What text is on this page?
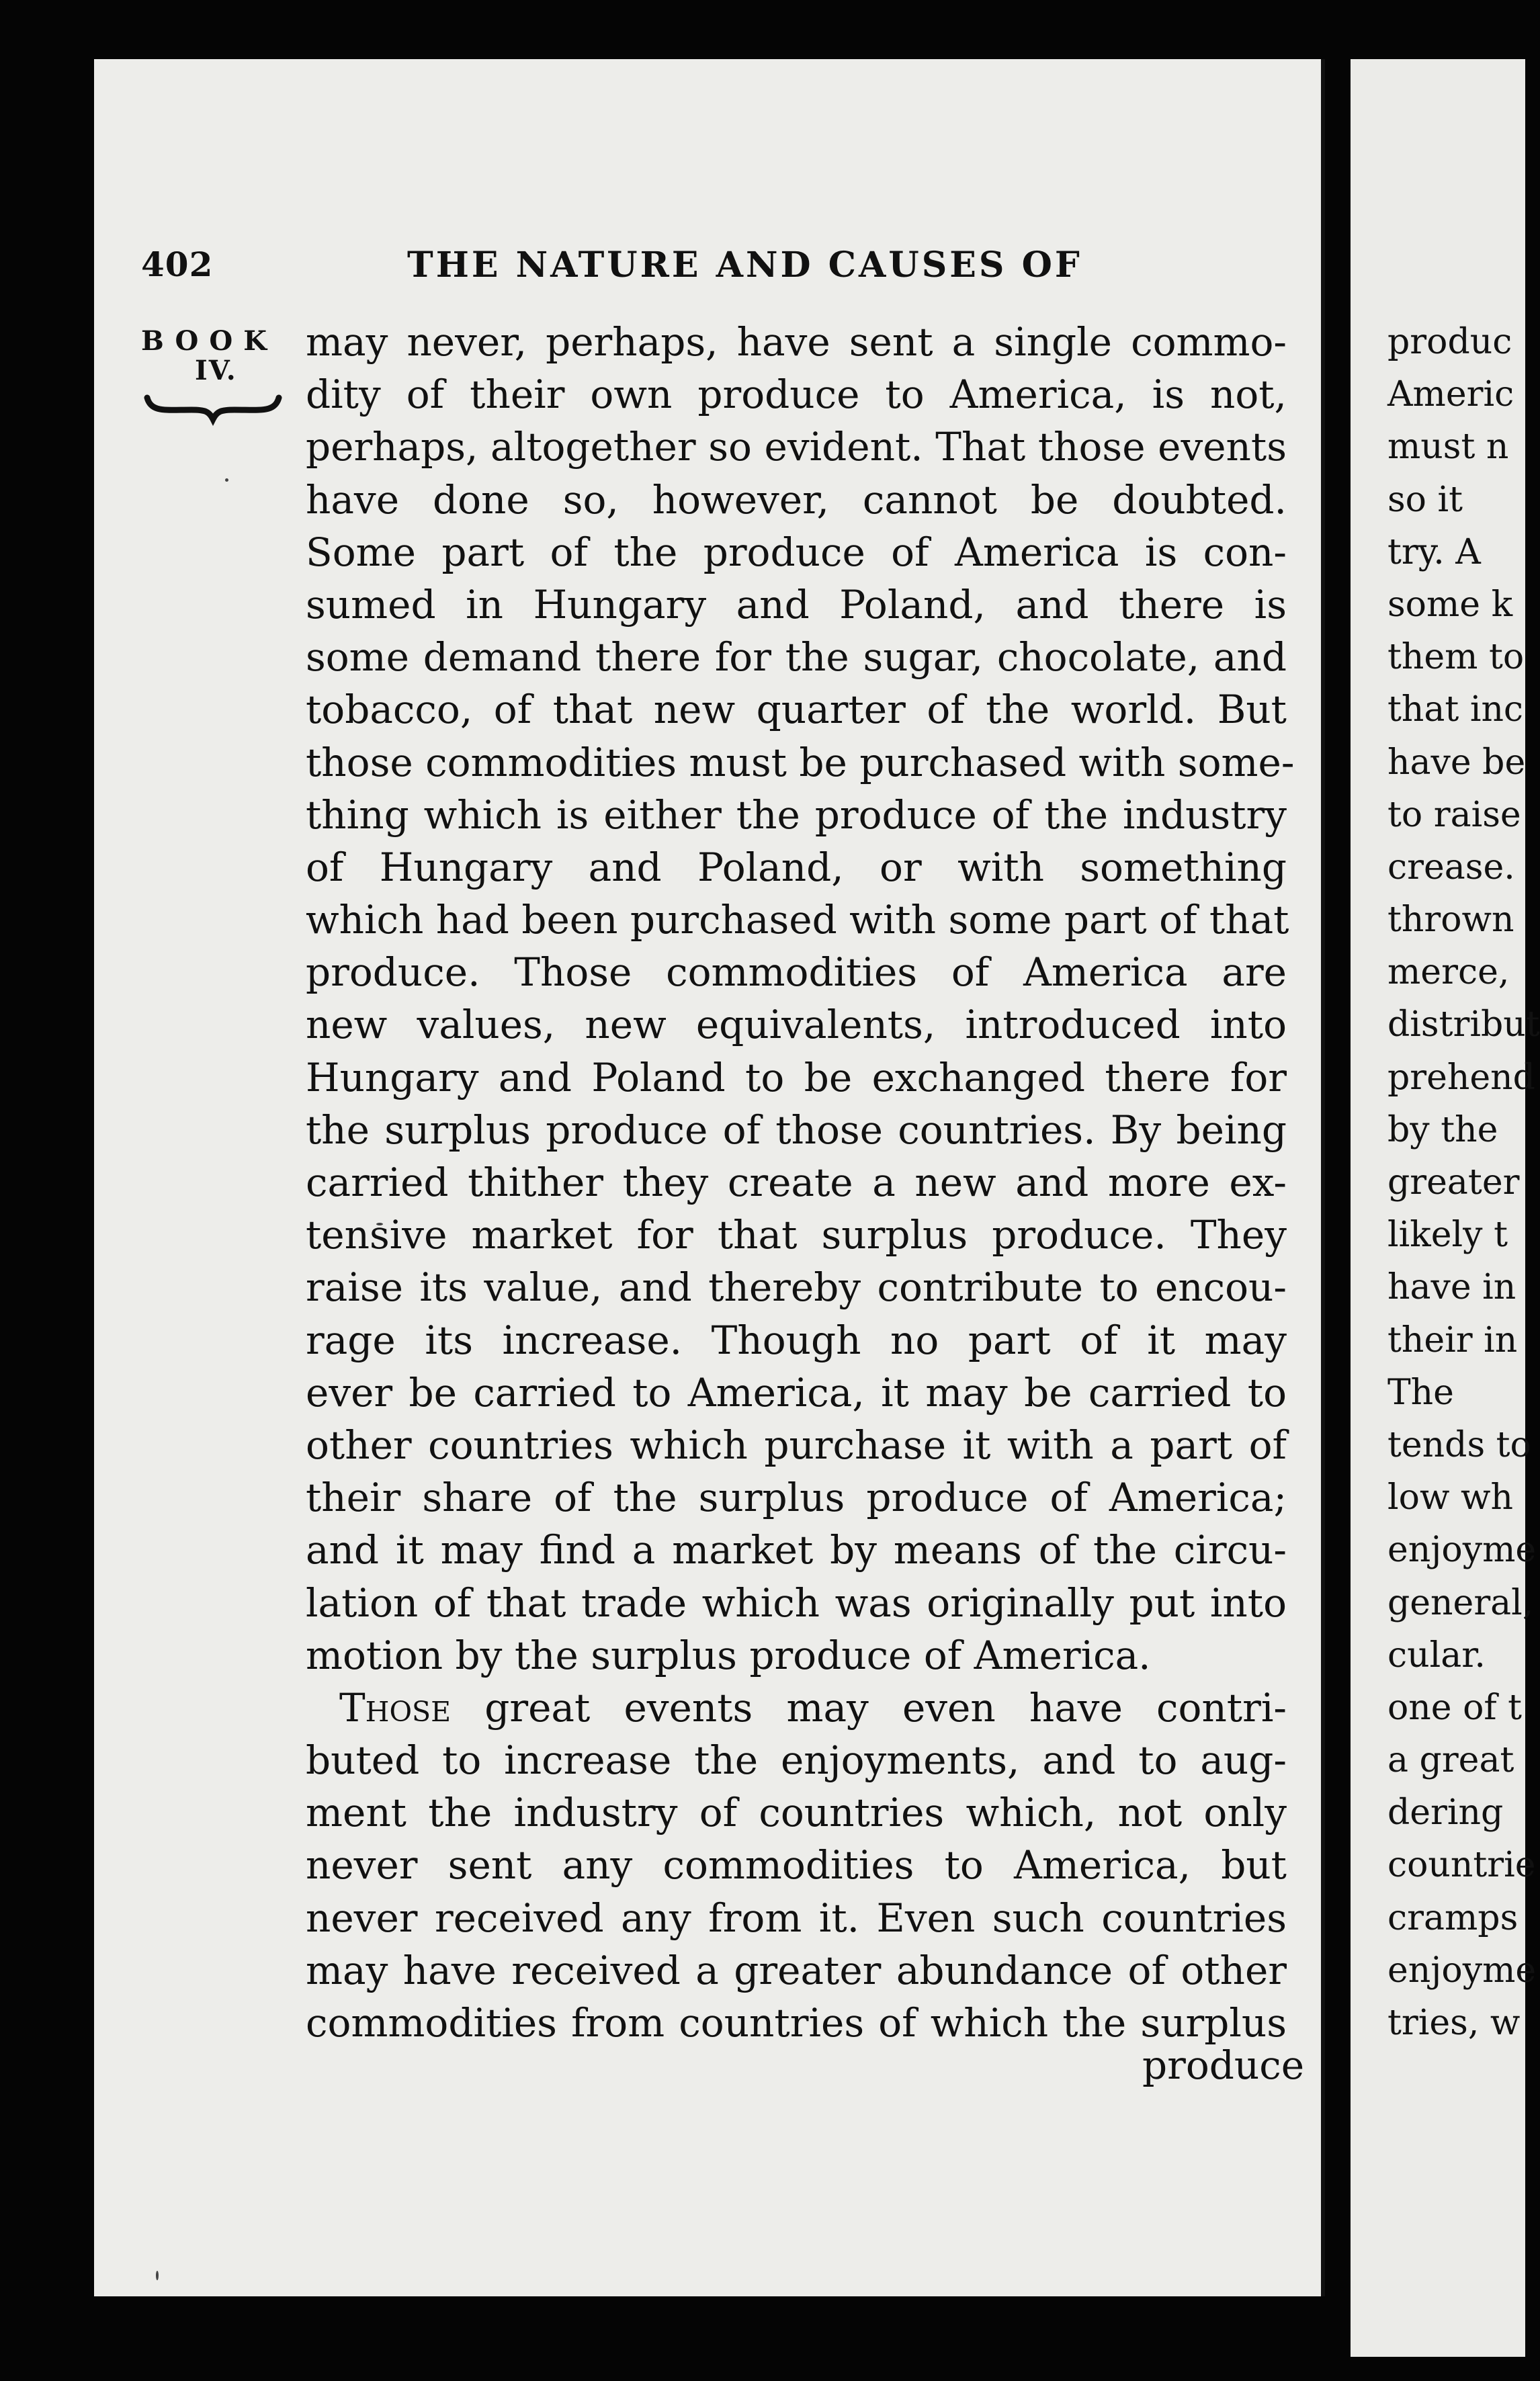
402	THE NATURE AND CAUSES OF
BOOK
IV.
may never, perhaps, have sent a single commo-
dity of their own produce to America, is not,
perhaps, altogether so evident. That those events
have done so, however, cannot be doubted.
Some part of the produce of America is con-
sumed in Hungary and Poland, and there is
some demand there for the sugar, chocolate, and
tobacco, of that new quarter of the world. But
those commodities must be purchased with some-
thing which is either the produce of the industry
of Hungary and Poland, or with something
which had been purchased with some part of that
produce. Those commodities of America are
new values, new equivalents, introduced into
Hungary and Poland to be exchanged there for
the surplus produce of those countries. By being
carried thither they create a new and more ex-
tensive market for that surplus produce. They
raise its value, and thereby contribute to encou-
rage its increase. Though no part of it may
ever be carried to America, it may be carried to
other countries which purchase it with a part of
their share of the surplus produce of America;
and it may find a market by means of the circu-
lation of that trade which was originally put into
motion by the surplus produce of America.
Those great events may even have contri-
buted to increase the enjoyments, and to aug-
ment the industry of countries which, not only
never sent any commodities to America, but
never received any from it. Even such countries
may have received a greater abundance of other
commodities from countries of which the surplus
produce
produc
Americ
must n
so it
try. A
some k
them to
that inc
have be
to raise
crease.
thrown
merce,
distribut
prehend
by the
greater
likely t
have in
their in
The
tends to
low wh
enjoyme
general,
cular.
one of t
a great
dering
countrie
cramps
enjoyme
tries, w
